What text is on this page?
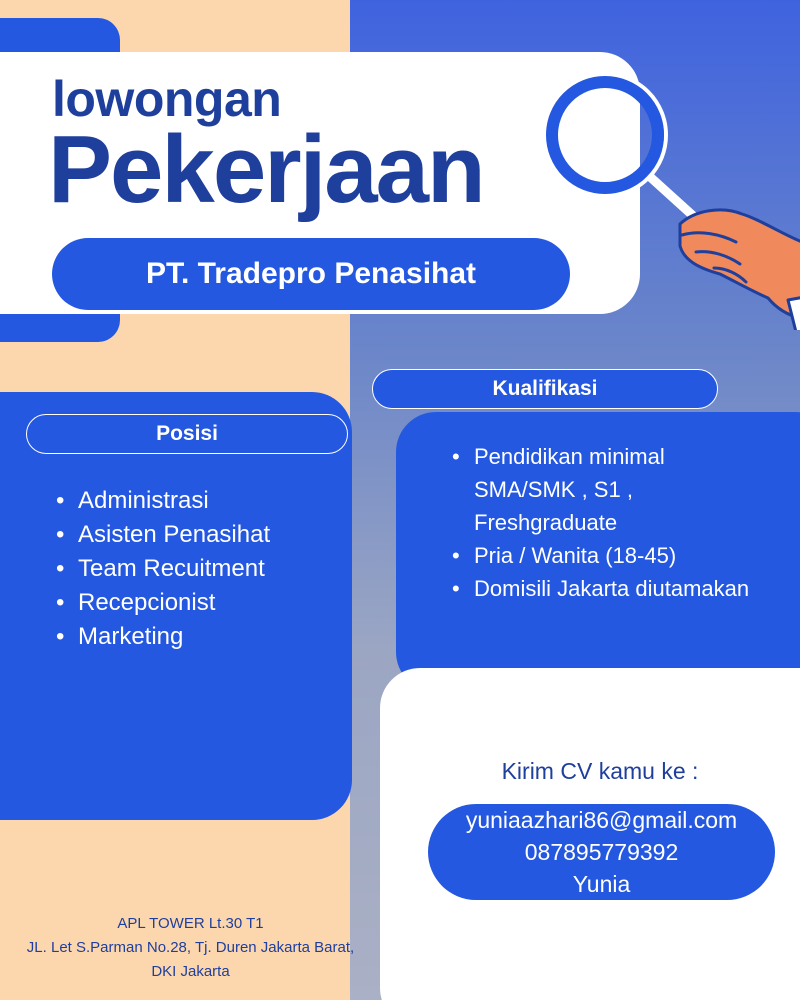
lowongan
Pekerjaan
PT. Tradepro Penasihat
Posisi
• Administrasi
• Asisten Penasihat
• Team Recuitment
• Recepcionist
• Marketing
Kualifikasi
• Pendidikan minimal
SMA/SMK , S1 ,
Freshgraduate
• Pria / Wanita (18-45)
• Domisili Jakarta diutamakan
Kirim CV kamu ke :
yuniaazhari86@gmail.com
087895779392
Yunia
APL TOWER Lt.30 T1
JL. Let S.Parman No.28, Tj. Duren Jakarta Barat,
DKI Jakarta
